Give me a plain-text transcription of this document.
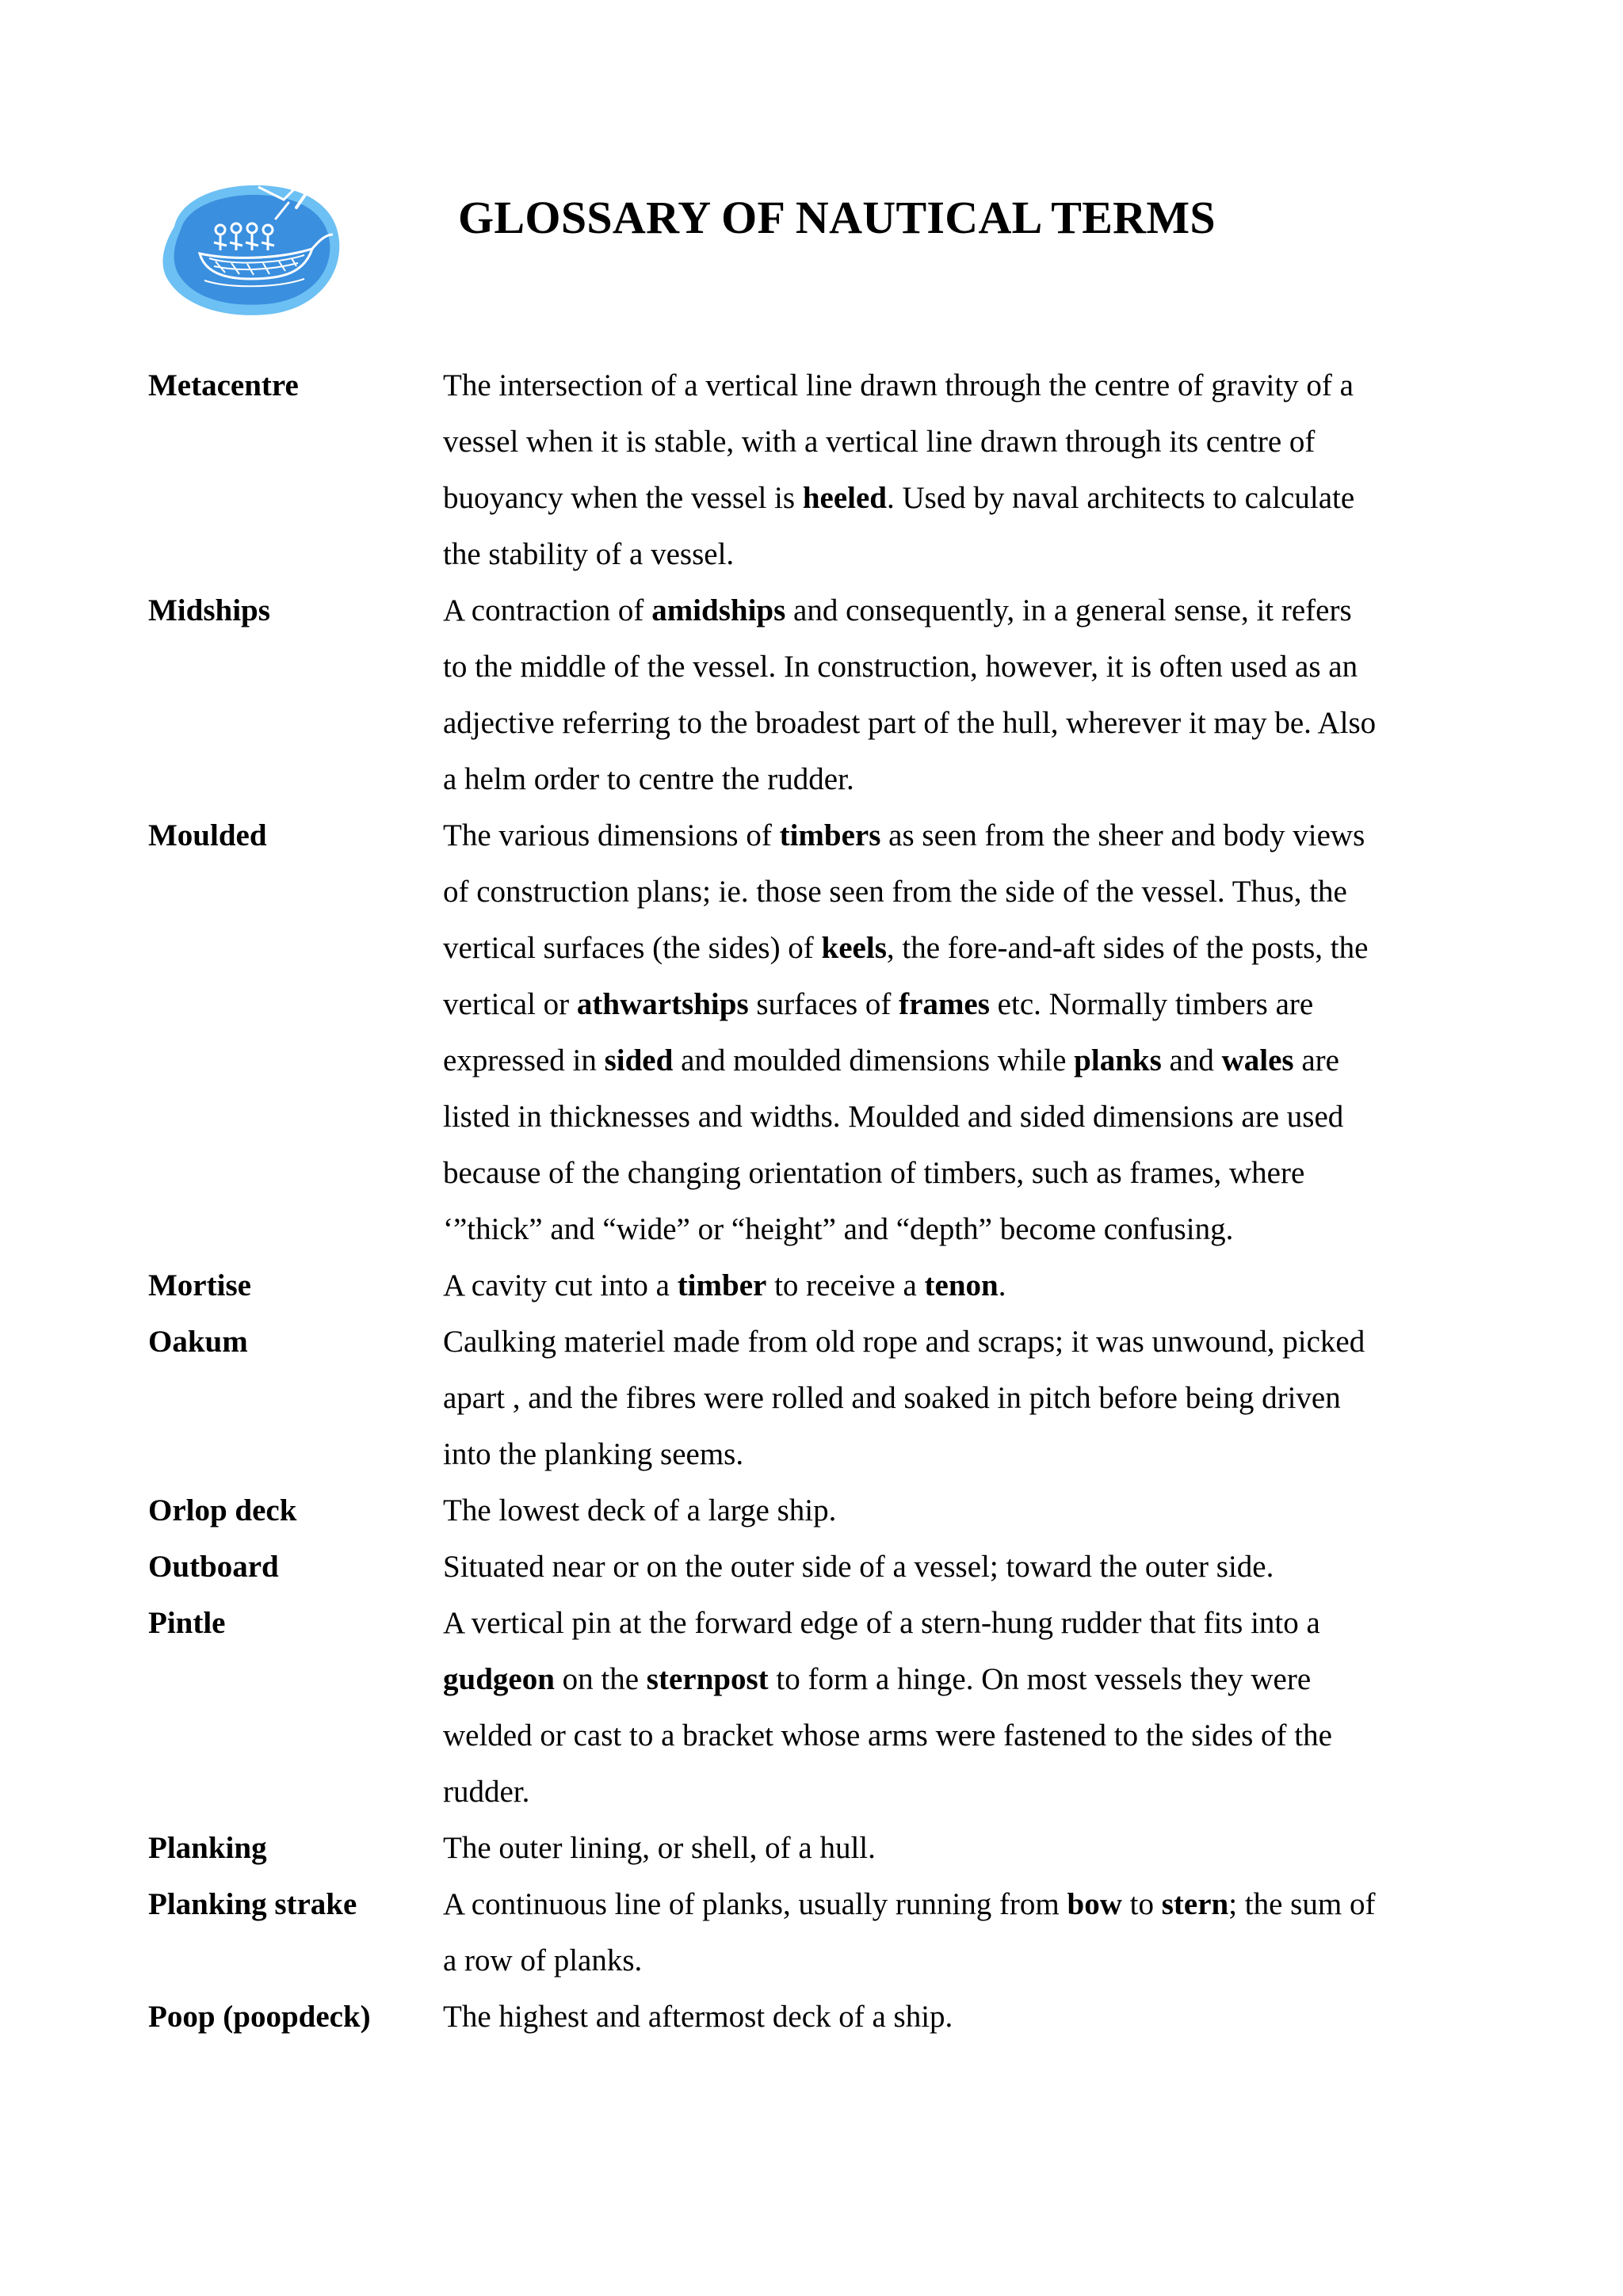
GLOSSARY OF NAUTICAL TERMS
Metacentre	The intersection of a vertical line drawn through the centre of gravity of a vessel when it is stable, with a vertical line drawn through its centre of buoyancy when the vessel is heeled. Used by naval architects to calculate the stability of a vessel.
Midships	A contraction of amidships and consequently, in a general sense, it refers to the middle of the vessel. In construction, however, it is often used as an adjective referring to the broadest part of the hull, wherever it may be. Also a helm order to centre the rudder.
Moulded	The various dimensions of timbers as seen from the sheer and body views of construction plans; ie. those seen from the side of the vessel. Thus, the vertical surfaces (the sides) of keels, the fore-and-aft sides of the posts, the vertical or athwartships surfaces of frames etc. Normally timbers are expressed in sided and moulded dimensions while planks and wales are listed in thicknesses and widths. Moulded and sided dimensions are used because of the changing orientation of timbers, such as frames, where ‘”thick” and “wide” or “height” and “depth” become confusing.
Mortise	A cavity cut into a timber to receive a tenon.
Oakum	Caulking materiel made from old rope and scraps; it was unwound, picked apart , and the fibres were rolled and soaked in pitch before being driven into the planking seems.
Orlop deck	The lowest deck of a large ship.
Outboard	Situated near or on the outer side of a vessel; toward the outer side.
Pintle	A vertical pin at the forward edge of a stern-hung rudder that fits into a gudgeon on the sternpost to form a hinge. On most vessels they were welded or cast to a bracket whose arms were fastened to the sides of the rudder.
Planking	The outer lining, or shell, of a hull.
Planking strake	A continuous line of planks, usually running from bow to stern; the sum of a row of planks.
Poop (poopdeck)	The highest and aftermost deck of a ship.
